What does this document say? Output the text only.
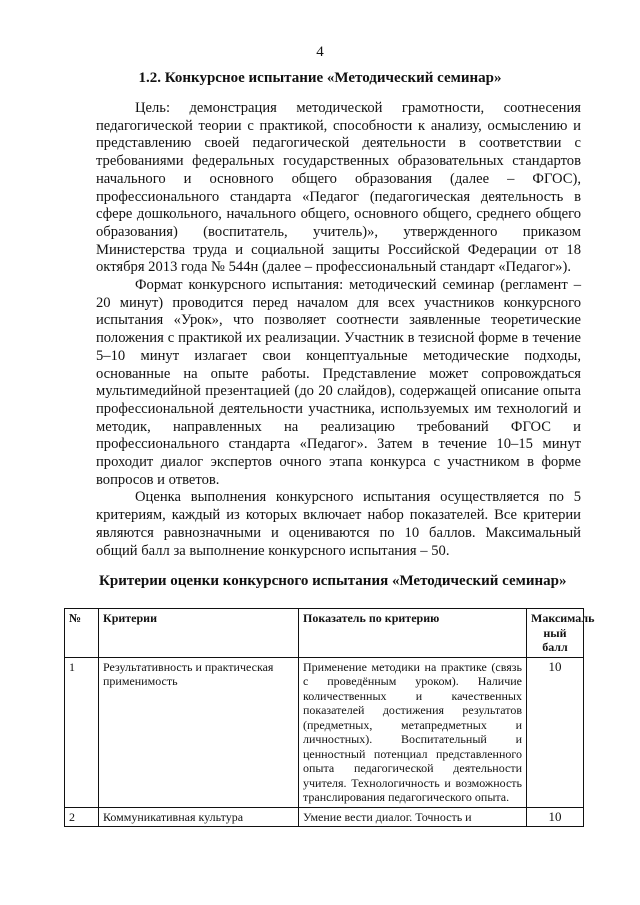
4
1.2. Конкурсное испытание «Методический семинар»

Цель: демонстрация методической грамотности, соотнесения педагогической теории с практикой, способности к анализу, осмыслению и представлению своей педагогической деятельности в соответствии с требованиями федеральных государственных образовательных стандартов начального и основного общего образования (далее – ФГОС), профессионального стандарта «Педагог (педагогическая деятельность в сфере дошкольного, начального общего, основного общего, среднего общего образования) (воспитатель, учитель)», утвержденного приказом Министерства труда и социальной защиты Российской Федерации от 18 октября 2013 года № 544н (далее – профессиональный стандарт «Педагог»).

Формат конкурсного испытания: методический семинар (регламент – 20 минут) проводится перед началом для всех участников конкурсного испытания «Урок», что позволяет соотнести заявленные теоретические положения с практикой их реализации. Участник в тезисной форме в течение 5–10 минут излагает свои концептуальные методические подходы, основанные на опыте работы. Представление может сопровождаться мультимедийной презентацией (до 20 слайдов), содержащей описание опыта профессиональной деятельности участника, используемых им технологий и методик, направленных на реализацию требований ФГОС и профессионального стандарта «Педагог». Затем в течение 10–15 минут проходит диалог экспертов очного этапа конкурса с участником в форме вопросов и ответов.

Оценка выполнения конкурсного испытания осуществляется по 5 критериям, каждый из которых включает набор показателей. Все критерии являются равнозначными и оцениваются по 10 баллов. Максимальный общий балл за выполнение конкурсного испытания – 50.

Критерии оценки конкурсного испытания «Методический семинар»
№	Критерии	Показатель по критерию	Максималь ный балл
1	Результативность и практическая применимость	Применение методики на практике (связь с проведённым уроком). Наличие количественных и качественных показателей достижения результатов (предметных, метапредметных и личностных). Воспитательный и ценностный потенциал представленного опыта педагогической деятельности учителя. Технологичность и возможность транслирования педагогического опыта.	10
2	Коммуникативная культура	Умение вести диалог. Точность и	10
